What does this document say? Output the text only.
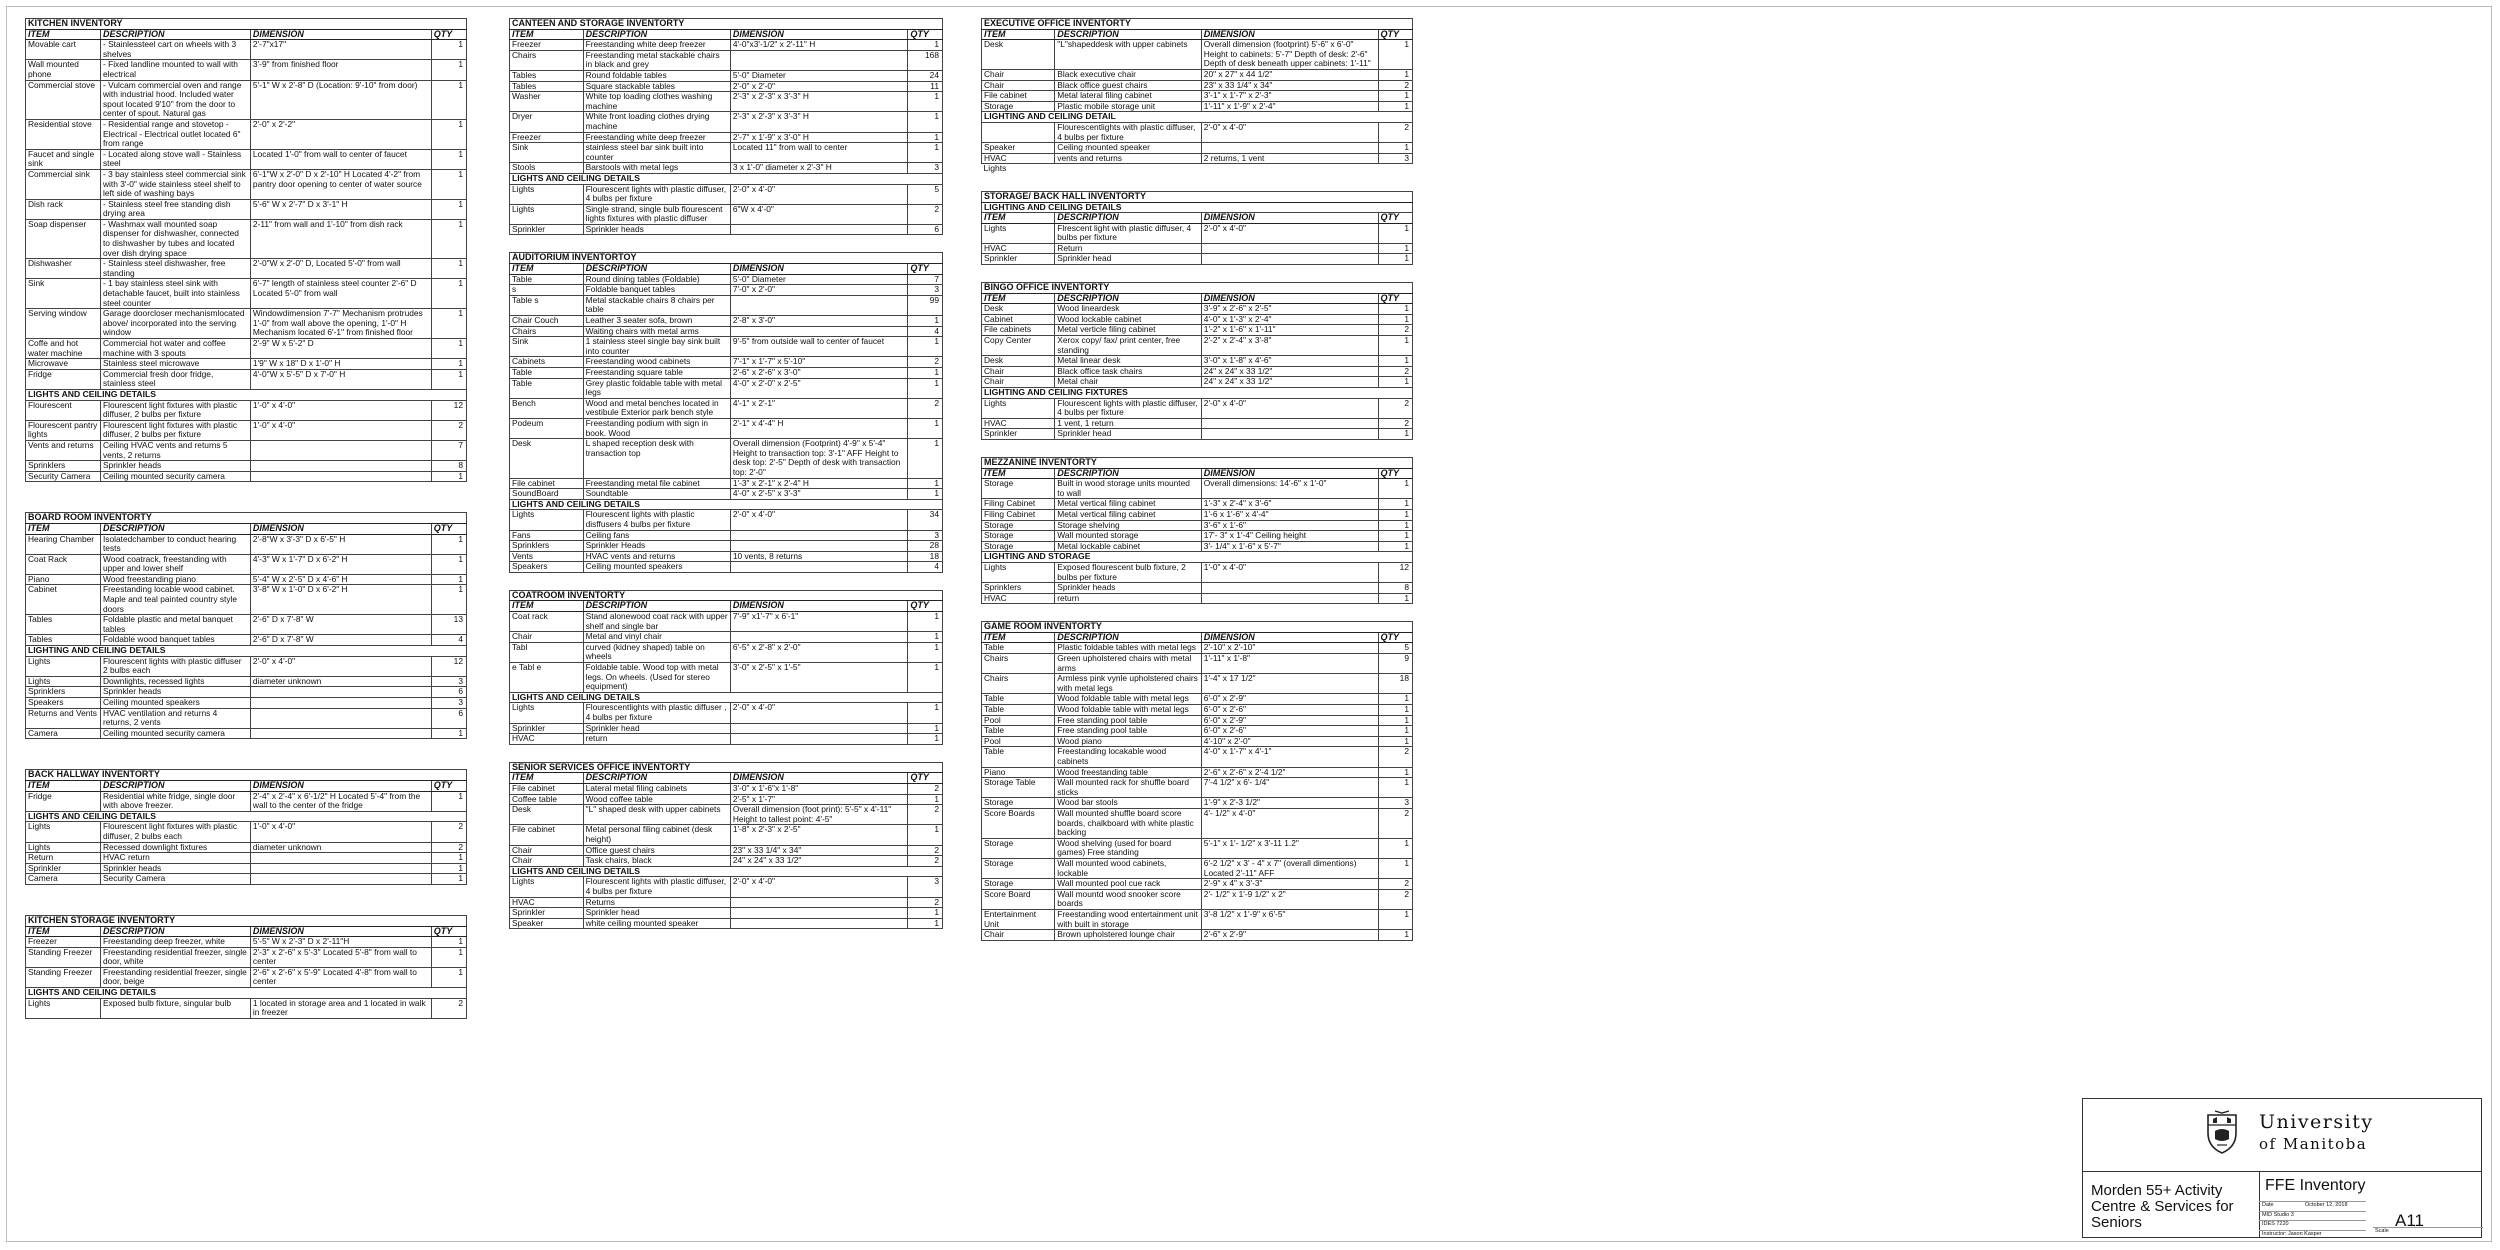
KITCHEN INVENTORY			
ITEM	DESCRIPTION	DIMENSION	QTY
Movable cart	- Stainlessteel cart on wheels with 3 shelves	2'-7"x17"	1
Wall mounted phone	- Fixed landline mounted to wall with electrical	3'-9" from finished floor	1
Commercial stove	- Vulcam commercial oven and range with industrial hood. Included water spout located 9'10" from the door to center of spout. Natural gas	5'-1" W x 2'-8" D (Location: 9'-10" from door)	1
Residential stove	- Residential range and stovetop - Electrical - Electrical outlet located 6" from range	2'-0" x 2'-2"	1
Faucet and single sink	- Located along stove wall - Stainless steel	Located 1'-0" from wall to center of faucet	1
Commercial sink	- 3 bay stainless steel commercial sink with 3'-0" wide stainless steel shelf to left side of washing bays	6'-1"W x 2'-0" D x 2'-10" H Located 4'-2" from pantry door opening to center of water source	1
Dish rack	- Stainless steel free standing dish drying area	5'-6" W x 2'-7" D x 3'-1" H	1
Soap dispenser	- Washmax wall mounted soap dispenser for dishwasher, connected to dishwasher by tubes and located over dish drying space	2-11" from wall and 1'-10" from dish rack	1
Dishwasher	- Stainless steel dishwasher, free standing	2'-0"W x 2'-0" D, Located 5'-0" from wall	1
Sink	- 1 bay stainless steel sink with detachable faucet, built into stainless steel counter	6'-7" length of stainless steel counter 2'-6" D Located 5'-0" from wall	1
Serving window	Garage doorcloser mechanismlocated above/ incorporated into the serving window	Windowdimension 7'-7" Mechanism protrudes 1'-0" from wall above the opening, 1'-0" H Mechanism located 6'-1" from finished floor	1
Coffe and hot water machine	Commercial hot water and coffee machine with 3 spouts	2'-9" W x 5'-2" D	1
Microwave	Stainless steel microwave	1'9" W x 18" D x 1'-0" H	1
Fridge	Commercial fresh door fridge, stainless steel	4'-0"W x 5'-5" D x 7'-0" H	1
LIGHTS AND CEILING DETAILS			
Flourescent	Flourescent light fixtures with plastic diffuser, 2 bulbs per fixture	1'-0" x 4'-0"	12
Flourescent pantry lights	Flourescent light fixtures with plastic diffuser, 2 bulbs per fixture	1'-0" x 4'-0"	2
Vents and returns	Ceiling HVAC vents and returns 5 vents, 2 returns		7
Sprinklers	Sprinkler heads		8
Security Camera	Ceiling mounted security camera		1
BOARD ROOM INVENTORTY			
ITEM	DESCRIPTION	DIMENSION	QTY
Hearing Chamber	Isolatedchamber to conduct hearing tests	2'-8"W x 3'-3" D x 6'-5" H	1
Coat Rack	Wood coatrack, freestanding with upper and lower shelf	4'-3" W x 1'-7" D x 6'-2" H	1
Piano	Wood freestanding piano	5'-4" W x 2'-5" D x 4'-6" H	1
Cabinet	Freestanding locable wood cabinet. Maple and teal painted country style doors	3'-8" W x 1'-0" D x 6'-2" H	1
Tables	Foldable plastic and metal banquet tables	2'-6" D x 7'-8" W	13
Tables	Foldable wood banquet tables	2'-6" D x 7'-8" W	4
LIGHTING AND CEILING DETAILS			
Lights	Flourescent lights with plastic diffuser 2 bulbs each	2'-0" x 4'-0"	12
Lights	Downlights, recessed lights	diameter unknown	3
Sprinklers	Sprinkler heads		6
Speakers	Ceiling mounted speakers		3
Returns and Vents	HVAC ventilation and returns 4 returns, 2 vents		6
Camera	Ceiling mounted security camera		1
BACK HALLWAY INVENTORTY			
ITEM	DESCRIPTION	DIMENSION	QTY
Fridge	Residential white fridge, single door with above freezer.	2'-4" x 2'-4" x 6'-1/2" H Located 5'-4" from the wall to the center of the fridge	1
LIGHTS AND CEILING DETAILS			
Lights	Flourescent light fixtures with plastic diffuser, 2 bulbs each	1'-0" x 4'-0"	2
Lights	Recessed downlight fixtures	diameter unknown	2
Return	HVAC return		1
Sprinkler	Sprinkler heads		1
Camera	Security Camera		1
KITCHEN STORAGE INVENTORTY			
ITEM	DESCRIPTION	DIMENSION	QTY
Freezer	Freestanding deep freezer, white	5'-5" W x 2'-3" D x 2'-11"H	1
Standing Freezer	Freestanding residential freezer, single door, white	2'-3" x 2'-6" x 5'-3" Located 5'-8" from wall to center	1
Standing Freezer	Freestanding residential freezer, single door, beige	2'-6" x 2'-6" x 5'-9" Located 4'-8" from wall to center	1
LIGHTS AND CEILING DETAILS			
Lights	Exposed bulb fixture, singular bulb	1 located in storage area and 1 located in walk in freezer	2
CANTEEN AND STORAGE INVENTORTY			
ITEM	DESCRIPTION	DIMENSION	QTY
Freezer	Freestanding white deep freezer	4'-0"x3'-1/2" x 2'-11" H	1
Chairs	Freestanding metal stackable chairs in black and grey		168
Tables	Round foldable tables	5'-0" Diameter	24
Tables	Square stackable tables	2'-0" x 2'-0"	11
Washer	White top loading clothes washing machine	2'-3" x 2'-3" x 3'-3" H	1
Dryer	White front loading clothes drying machine	2'-3" x 2'-3" x 3'-3" H	1
Freezer	Freestanding white deep freezer	2'-7" x 1'-9" x 3'-0" H	1
Sink	stainless steel bar sink built into counter	Located 11" from wall to center	1
Stools	Barstools with metal legs	3 x 1'-0" diameter x 2'-3" H	3
LIGHTS AND CEILING DETAILS			
Lights	Flourescent lights with plastic diffuser, 4 bulbs per fixture	2'-0" x 4'-0"	5
Lights	Single strand, single bulb flourescent lights fixtures with plastic diffuser	6"W x 4'-0"	2
Sprinkler	Sprinkler heads		6
AUDITORIUM INVENTORTOY			
ITEM	DESCRIPTION	DIMENSION	QTY
Table	Round dining tables (Foldable)	5'-0" Diameter	7
s	Foldable banquet tables	7'-0" x 2'-0"	3
Table s	Metal stackable chairs 8 chairs per table		99
Chair Couch	Leather 3 seater sofa, brown	2'-8" x 3'-0"	1
Chairs	Waiting chairs with metal arms		4
Sink	1 stainless steel single bay sink built into counter	9'-5" from outside wall to center of faucet	1
Cabinets	Freestanding wood cabinets	7'-1" x 1'-7" x 5'-10"	2
Table	Freestanding square table	2'-6" x 2'-6" x 3'-0"	1
Table	Grey plastic foldable table with metal legs	4'-0" x 2'-0" x 2'-5"	1
Bench	Wood and metal benches located in vestibule Exterior park bench style	4'-1" x 2'-1"	2
Podeum	Freestanding podium with sign in book. Wood	2'-1" x 4'-4" H	1
Desk	L shaped reception desk with transaction top	Overall dimension (Footprint) 4'-9" x 5'-4" Height to transaction top: 3'-1" AFF Height to desk top: 2'-5" Depth of desk with transaction top: 2'-0"	1
File cabinet	Freestanding metal file cabinet	1'-3" x 2'-1" x 2'-4" H	1
SoundBoard	Soundtable	4'-0" x 2'-5" x 3'-3"	1
LIGHTS AND CEILING DETAILS			
Lights	Flourescent lights with plastic disffusers 4 bulbs per fixture	2'-0" x 4'-0"	34
Fans	Ceiling fans		3
Sprinklers	Sprinkler Heads		28
Vents	HVAC vents and returns	10 vents, 8 returns	18
Speakers	Ceiling mounted speakers		4
COATROOM INVENTORTY			
ITEM	DESCRIPTION	DIMENSION	QTY
Coat rack	Stand alonewood coat rack with upper shelf and single bar	7'-9" x1'-7" x 6'-1"	1
Chair	Metal and vinyl chair		1
Tabl	curved (kidney shaped) table on wheels	6'-5" x 2'-8" x 2'-0"	1
e Tabl e	Foldable table. Wood top with metal legs. On wheels. (Used for stereo equipment)	3'-0" x 2'-5" x 1'-5"	1
LIGHTS AND CEILING DETAILS			
Lights	Flourescentlights with plastic diffuser , 4 bulbs per fixture	2'-0" x 4'-0"	1
Sprinkler	Sprinkler head		1
HVAC	return		1
SENIOR SERVICES OFFICE INVENTORTY			
ITEM	DESCRIPTION	DIMENSION	QTY
File cabinet	Lateral metal filing cabinets	3'-0" x 1'-6"x 1'-8"	2
Coffee table	Wood coffee table	2'-5" x 1'-7"	1
Desk	"L" shaped desk with upper cabinets	Overall dimension (foot print): 5'-5" x 4'-11" Height to tallest point: 4'-5"	2
File cabinet	Metal personal filing cabinet (desk height)	1'-8" x 2'-3" x 2'-5"	1
Chair	Office guest chairs	23" x 33 1/4" x 34"	2
Chair	Task chairs, black	24" x 24" x 33 1/2"	2
LIGHTS AND CEILING DETAILS			
Lights	Flourescent lights with plastic diffuser, 4 bulbs per fixture	2'-0" x 4'-0"	3
HVAC	Returns		2
Sprinkler	Sprinkler head		1
Speaker	white ceiling mounted speaker		1
EXECUTIVE OFFICE INVENTORTY			
ITEM	DESCRIPTION	DIMENSION	QTY
Desk	"L"shapeddesk with upper cabinets	Overall dimension (footprint) 5'-6" x 6'-0" Height to cabinets: 5'-7" Depth of desk: 2'-6" Depth of desk beneath upper cabinets: 1'-11"	1
Chair	Black executive chair	20" x 27" x 44 1/2"	1
Chair	Black office guest chairs	23" x 33 1/4" x 34"	2
File cabinet	Metal lateral filing cabinet	3'-1" x 1'-7" x 2'-3"	1
Storage	Plastic mobile storage unit	1'-11" x 1'-9" x 2'-4"	1
LIGHTING AND CEILING DETAIL			
	Flourescentlights with plastic diffuser, 4 bulbs per fixture	2'-0" x 4'-0"	2
Speaker	Ceiling mounted speaker		1
HVAC	vents and returns	2 returns, 1 vent	3
Lights			
STORAGE/ BACK HALL INVENTORTY			
LIGHTING AND CEILING DETAILS			
ITEM	DESCRIPTION	DIMENSION	QTY
Lights	Flrescent light with plastic diffuser, 4 bulbs per fixture	2'-0" x 4'-0"	1
HVAC	Return		1
Sprinkler	Sprinkler head		1
BINGO OFFICE INVENTORTY			
ITEM	DESCRIPTION	DIMENSION	QTY
Desk	Wood lineardesk	3'-9" x 2'-6" x 2'-5"	1
Cabinet	Wood lockable cabinet	4'-0" x 1'-3" x 2'-4"	1
File cabinets	Metal verticle filing cabinet	1'-2" x 1'-6" x 1'-11"	2
Copy Center	Xerox copy/ fax/ print center, free standing	2'-2" x 2'-4" x 3'-8"	1
Desk	Metal linear desk	3'-0" x 1'-8" x 4'-6"	1
Chair	Black office task chairs	24" x 24" x 33 1/2"	2
Chair	Metal chair	24" x 24" x 33 1/2"	1
LIGHTING AND CEILING FIXTURES			
Lights	Flourescent lights with plastic diffuser, 4 bulbs per fixture	2'-0" x 4'-0"	2
HVAC	1 vent, 1 return		2
Sprinkler	Sprinkler head		1
MEZZANINE INVENTORTY			
ITEM	DESCRIPTION	DIMENSION	QTY
Storage	Built in wood storage units mounted to wall	Overall dimensions: 14'-6" x 1'-0"	1
Filing Cabinet	Metal vertical filing cabinet	1'-3" x 2'-4" x 3'-6"	1
Filing Cabinet	Metal vertical filing cabinet	1'-6 x 1'-6" x 4'-4"	1
Storage	Storage shelving	3'-6" x 1'-6"	1
Storage	Wall mounted storage	17'- 3" x 1'-4" Ceiling height	1
Storage	Metal lockable cabinet	3'- 1/4" x 1'-6" x 5'-7"	1
LIGHTING AND STORAGE			
Lights	Exposed flourescent bulb fixture, 2 bulbs per fixture	1'-0" x 4'-0"	12
Sprinklers	Sprinkler heads		8
HVAC	return		1
GAME ROOM INVENTORTY			
ITEM	DESCRIPTION	DIMENSION	QTY
Table	Plastic foldable tables with metal legs	2'-10" x 2'-10"	5
Chairs	Green upholstered chairs with metal arms	1'-11" x 1'-8"	9
Chairs	Armless pink vynle upholstered chairs with metal legs	1'-4" x 17 1/2"	18
Table	Wood foldable table with metal legs	6'-0" x 2'-9"	1
Table	Wood foldable table with metal legs	6'-0" x 2'-6"	1
Pool	Free standing pool table	6'-0" x 2'-9"	1
Table	Free standing pool table	6'-0" x 2'-6"	1
Pool	Wood piano	4'-10" x 2'-0"	1
Table	Freestanding locakable wood cabinets	4'-0" x 1'-7" x 4'-1"	2
Piano	Wood freestanding table	2'-6" x 2'-6" x 2'-4 1/2"	1
Storage Table	Wall mounted rack for shuffle board sticks	7'-4 1/2" x 6'- 1/4"	1
Storage	Wood bar stools	1'-9" x 2'-3 1/2"	3
Score Boards	Wall mounted shuffle board score boards, chalkboard with white plastic backing	4'- 1/2" x 4'-0"	2
Storage	Wood shelving (used for board games) Free standing	5'-1" x 1'- 1/2" x 3'-11 1.2"	1
Storage	Wall mounted wood cabinets, lockable	6'-2 1/2" x 3' - 4" x 7" (overall dimentions) Located 2'-11" AFF	1
Storage	Wall mounted pool cue rack	2'-9" x 4" x 3'-3"	2
Score Board	Wall mountd wood snooker score boards	2'- 1/2" x 1'-9 1/2" x 2"	2
Entertainment Unit	Freestanding wood entertainment unit with built in storage	3'-8 1/2" x 1'-9" x 6'-5"	1
Chair	Brown upholstered lounge chair	2'-6" x 2'-9"	1
University
of Manitoba
Morden 55+ Activity Centre & Services for Seniors
FFE Inventory
Date	October 12, 2018
MID Studio 3
IDES 7220
Instructor: Jason Kasper
A11
Scale
